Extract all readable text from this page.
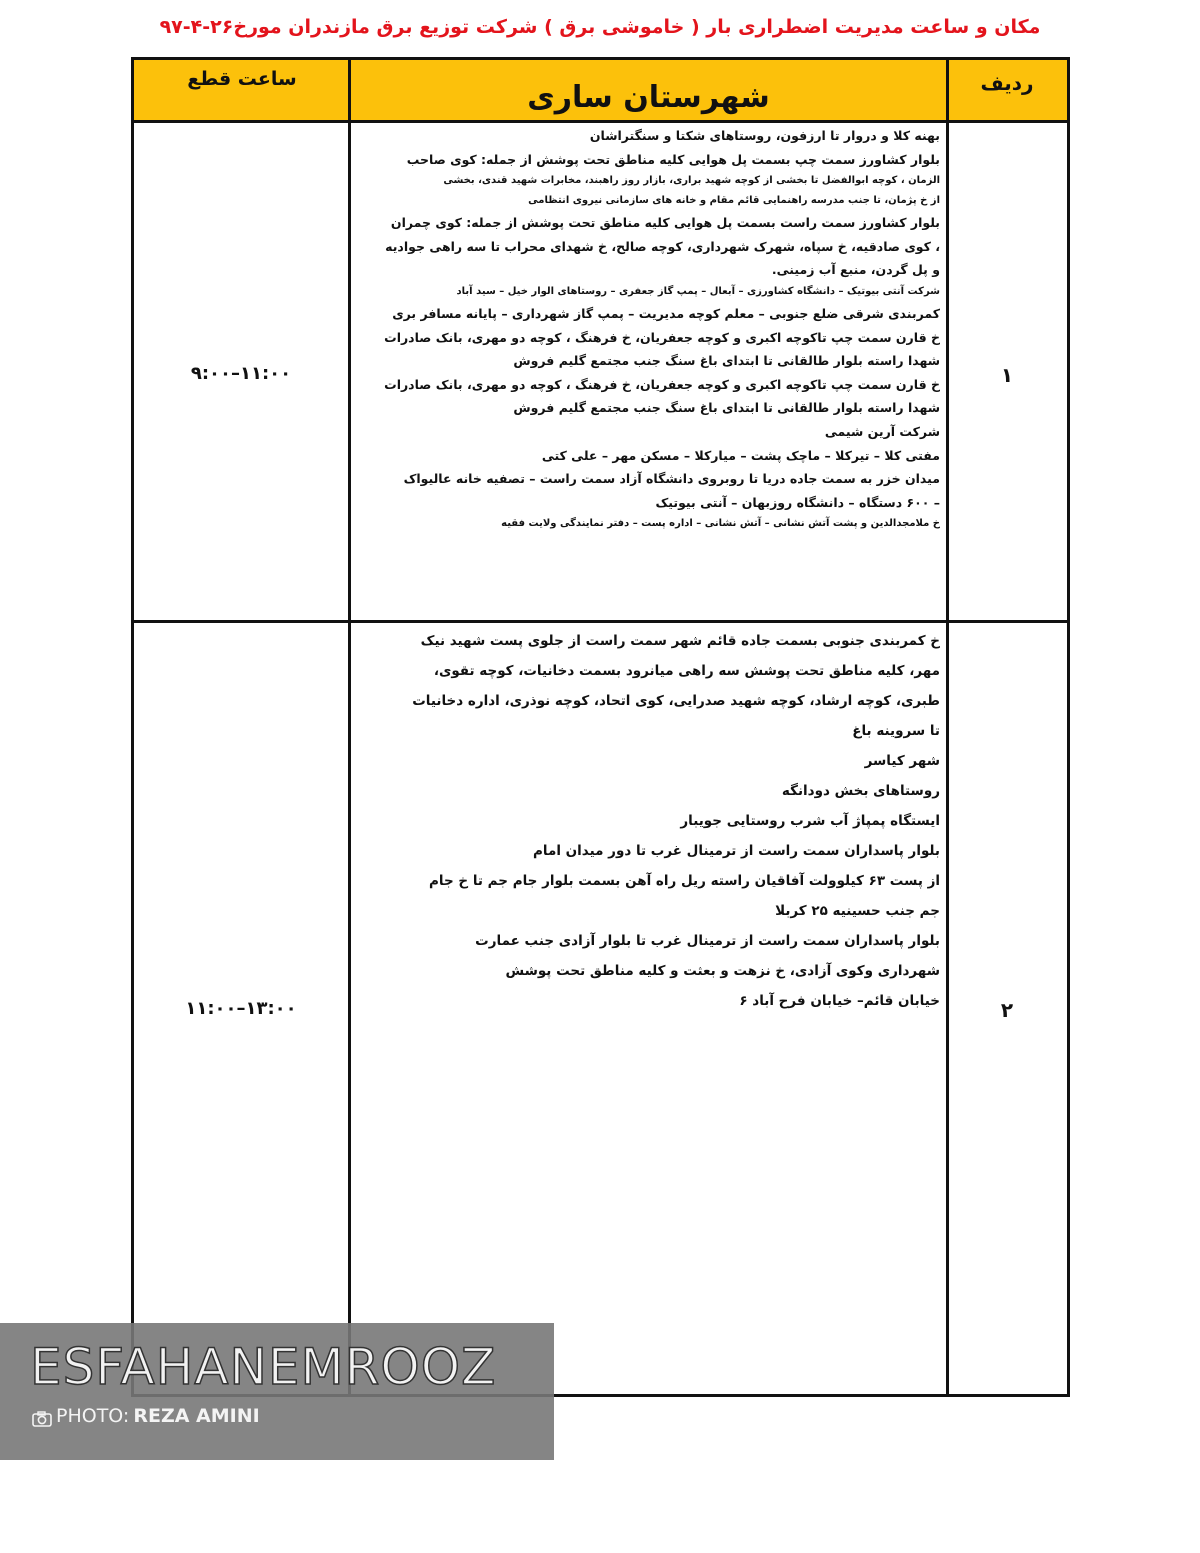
مکان و ساعت مدیریت اضطراری بار ( خاموشی برق ) شرکت توزیع برق مازندران مورخ۲۶-۴-۹۷
ردیف
شهرستان ساری
ساعت قطع
۱
۹:۰۰–۱۱:۰۰
بهنه کلا و دروار تا ارزفون، روستاهای شکتا و سنگتراشان
بلوار کشاورز سمت چپ بسمت پل هوایی کلیه مناطق تحت پوشش از جمله: کوی صاحب
الزمان ، کوچه ابوالفضل تا بخشی از کوچه شهید براری، بازار روز راهبند، مخابرات شهید قندی، بخشی
از خ پژمان، تا جنب مدرسه راهنمایی قائم مقام و خانه های سازمانی نیروی انتظامی
بلوار کشاورز سمت راست بسمت پل هوایی کلیه مناطق تحت پوشش از جمله: کوی چمران
، کوی صادقیه، خ سپاه، شهرک شهرداری، کوچه صالح، خ شهدای محراب تا سه راهی جوادیه
و پل گردن، منبع آب زمینی.
شرکت آنتی بیوتیک – دانشگاه کشاورزی – آبعال – پمپ گاز جعفری – روستاهای الوار خیل – سید آباد
کمربندی شرقی ضلع جنوبی – معلم کوچه مدیریت – پمپ گاز شهرداری – پایانه مسافر بری
خ قارن سمت چپ تاکوچه اکبری و کوچه جعفریان، خ فرهنگ ، کوچه دو مهری، بانک صادرات
شهدا راسته بلوار طالقانی تا ابتدای باغ سنگ جنب مجتمع گلیم فروش
خ قارن سمت چپ تاکوچه اکبری و کوچه جعفریان، خ فرهنگ ، کوچه دو مهری، بانک صادرات
شهدا راسته بلوار طالقانی تا ابتدای باغ سنگ جنب مجتمع گلیم فروش
شرکت آرین شیمی
مفتی کلا – تیرکلا – ماچک پشت – میارکلا – مسکن مهر – علی کتی
میدان خزر به سمت جاده دریا تا روبروی دانشگاه آزاد سمت راست – تصفیه خانه عالیواک
– ۶۰۰ دستگاه – دانشگاه روزبهان – آنتی بیوتیک
خ ملامجدالدین و پشت آتش نشانی – آتش نشانی – اداره پست – دفتر نمایندگی ولایت فقیه
۲
۱۱:۰۰–۱۳:۰۰
خ کمربندی جنوبی بسمت جاده قائم شهر سمت راست از جلوی پست شهید نیک
مهر، کلیه مناطق تحت پوشش سه راهی میانرود بسمت دخانیات، کوچه تقوی،
طبری، کوچه ارشاد، کوچه شهید صدرایی، کوی اتحاد، کوچه نوذری، اداره دخانیات
تا سروینه باغ
شهر کیاسر
روستاهای بخش دودانگه
ایستگاه پمپاژ آب شرب روستایی جویبار
بلوار پاسداران سمت راست از ترمینال غرب تا دور میدان امام
از پست ۶۳ کیلوولت آفاقیان راسته ریل راه آهن بسمت بلوار جام جم تا خ جام
جم جنب حسینیه ۲۵ کربلا
بلوار پاسداران سمت راست از ترمینال غرب تا بلوار آزادی جنب عمارت
شهرداری وکوی آزادی، خ نزهت و بعثت و کلیه مناطق تحت پوشش
خیابان قائم– خیابان فرح آباد ۶
ESFAHANEMROOZ
PHOTO: REZA AMINI
